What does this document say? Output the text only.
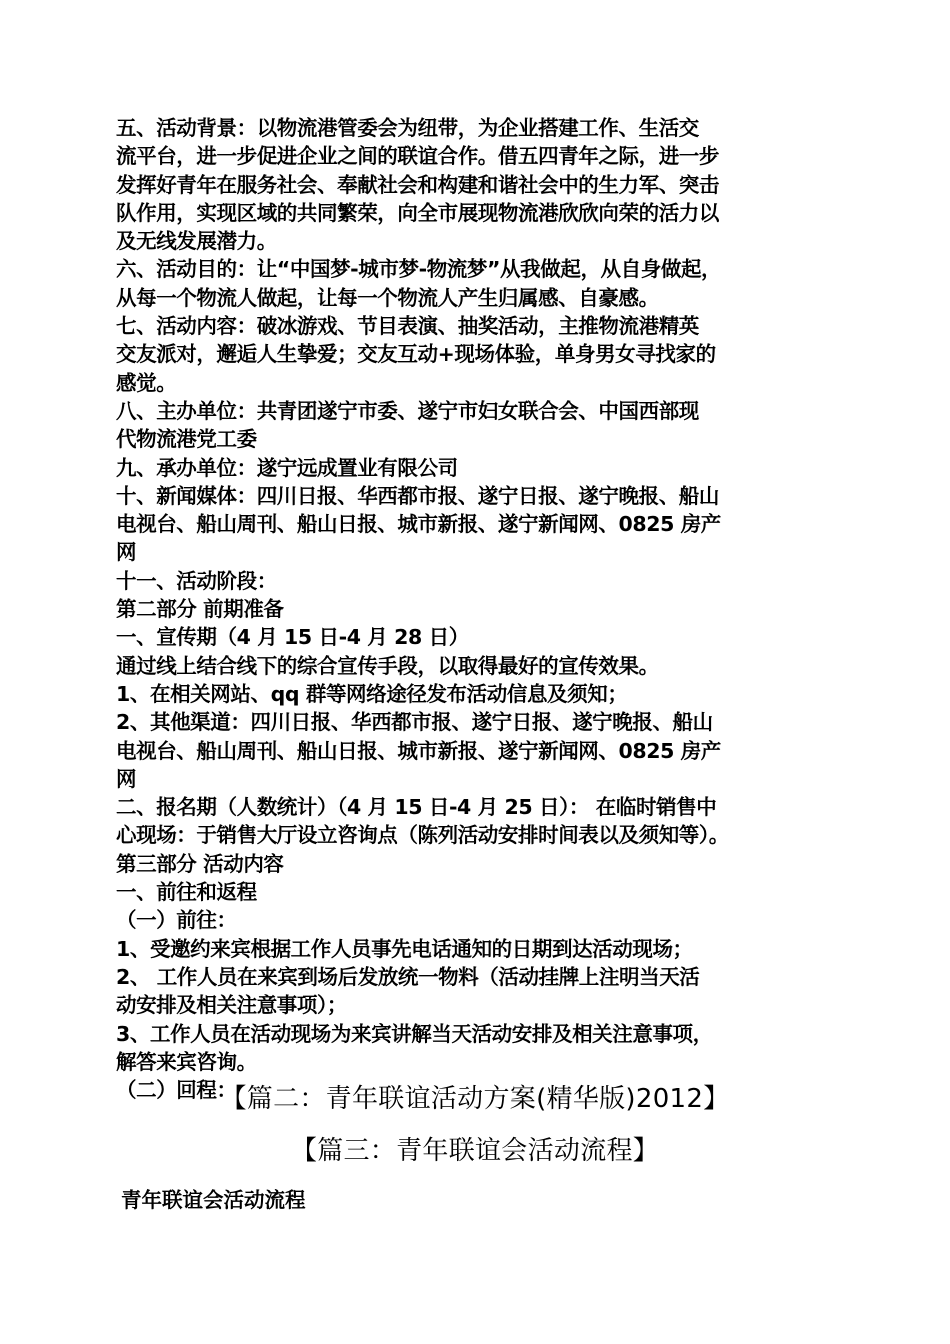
五、活动背景：以物流港管委会为纽带，为企业搭建工作、生活交
流平台，进一步促进企业之间的联谊合作。借五四青年之际，进一步
发挥好青年在服务社会、奉献社会和构建和谐社会中的生力军、突击
队作用，实现区域的共同繁荣，向全市展现物流港欣欣向荣的活力以
及无线发展潜力。
六、活动目的：让“中国梦-城市梦-物流梦”从我做起，从自身做起，
从每一个物流人做起，让每一个物流人产生归属感、自豪感。
七、活动内容：破冰游戏、节目表演、抽奖活动，主推物流港精英
交友派对，邂逅人生挚爱；交友互动+现场体验，单身男女寻找家的
感觉。
八、主办单位：共青团遂宁市委、遂宁市妇女联合会、中国西部现
代物流港党工委
九、承办单位：遂宁远成置业有限公司
十、新闻媒体：四川日报、华西都市报、遂宁日报、遂宁晚报、船山
电视台、船山周刊、船山日报、城市新报、遂宁新闻网、0825 房产
网
十一、活动阶段：
第二部分 前期准备
一、宣传期（4 月 15 日-4 月 28 日）
通过线上结合线下的综合宣传手段，以取得最好的宣传效果。
1、在相关网站、qq 群等网络途径发布活动信息及须知；
2、其他渠道：四川日报、华西都市报、遂宁日报、遂宁晚报、船山
电视台、船山周刊、船山日报、城市新报、遂宁新闻网、0825 房产
网
二、报名期（人数统计）（4 月 15 日-4 月 25 日）： 在临时销售中
心现场：于销售大厅设立咨询点（陈列活动安排时间表以及须知等）。
第三部分 活动内容
一、前往和返程
（一）前往：
1、受邀约来宾根据工作人员事先电话通知的日期到达活动现场；
2、 工作人员在来宾到场后发放统一物料（活动挂牌上注明当天活
动安排及相关注意事项）；
3、工作人员在活动现场为来宾讲解当天活动安排及相关注意事项，
解答来宾咨询。
（二）回程：
【篇二：青年联谊活动方案(精华版)2012】
【篇三：青年联谊会活动流程】
青年联谊会活动流程
